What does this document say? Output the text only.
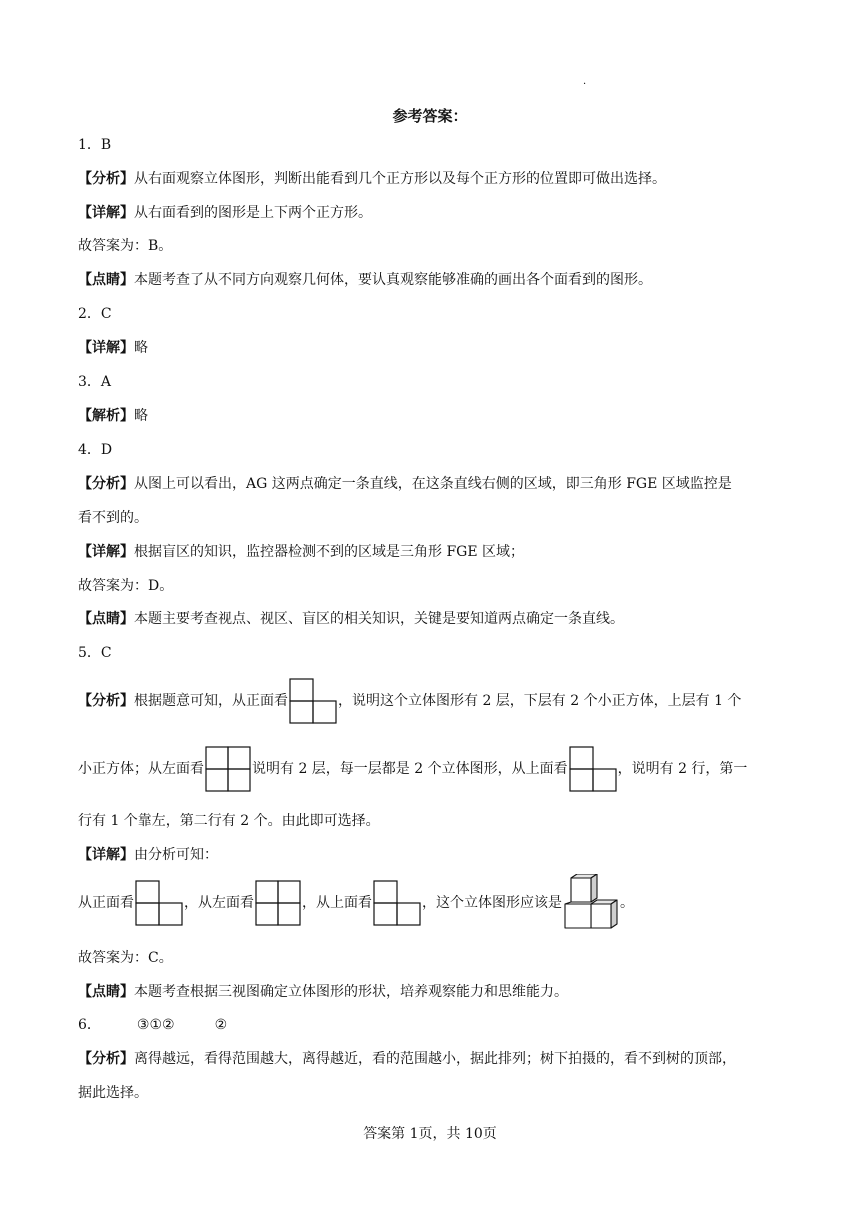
·
参考答案：
1．B
【分析】从右面观察立体图形，判断出能看到几个正方形以及每个正方形的位置即可做出选择。
【详解】从右面看到的图形是上下两个正方形。
故答案为：B。
【点睛】本题考查了从不同方向观察几何体，要认真观察能够准确的画出各个面看到的图形。
2．C
【详解】略
3．A
【解析】略
4．D
【分析】从图上可以看出，AG 这两点确定一条直线，在这条直线右侧的区域，即三角形 FGE 区域监控是
看不到的。
【详解】根据盲区的知识，监控器检测不到的区域是三角形 FGE 区域；
故答案为：D。
【点睛】本题主要考查视点、视区、盲区的相关知识，关键是要知道两点确定一条直线。
5．C
【分析】根据题意可知，从正面看	，说明这个立体图形有 2 层，下层有 2 个小正方体，上层有 1 个
小正方体；从左面看	说明有 2 层，每一层都是 2 个立体图形，从上面看	，说明有 2 行，第一
行有 1 个靠左，第二行有 2 个。由此即可选择。
【详解】由分析可知：
从正面看	，从左面看	，从上面看	，这个立体图形应该是	。
故答案为：C。
【点睛】本题考查根据三视图确定立体图形的形状，培养观察能力和思维能力。
6．	③①②	②
【分析】离得越远，看得范围越大，离得越近，看的范围越小，据此排列；树下拍摄的，看不到树的顶部，
据此选择。
答案第 1页，共 10页
